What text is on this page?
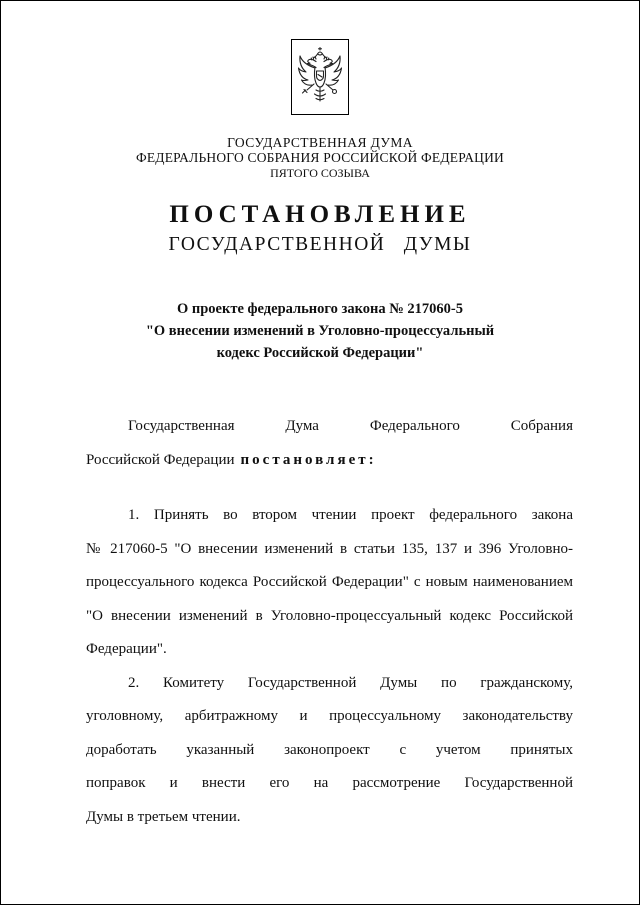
ГОСУДАРСТВЕННАЯ ДУМА
ФЕДЕРАЛЬНОГО СОБРАНИЯ РОССИЙСКОЙ ФЕДЕРАЦИИ
ПЯТОГО СОЗЫВА
ПОСТАНОВЛЕНИЕ
ГОСУДАРСТВЕННОЙ ДУМЫ
О проекте федерального закона № 217060-5
"О внесении изменений в Уголовно-процессуальный
кодекс Российской Федерации"
Государственная Дума Федерального Собрания
Российской Федерации постановляет:
1. Принять во втором чтении проект федерального закона
№ 217060-5 "О внесении изменений в статьи 135, 137 и 396 Уголовно-
процессуального кодекса Российской Федерации" с новым наименованием
"О внесении изменений в Уголовно-процессуальный кодекс Российской
Федерации".
2. Комитету Государственной Думы по гражданскому,
уголовному, арбитражному и процессуальному законодательству
доработать указанный законопроект с учетом принятых
поправок и внести его на рассмотрение Государственной
Думы в третьем чтении.
